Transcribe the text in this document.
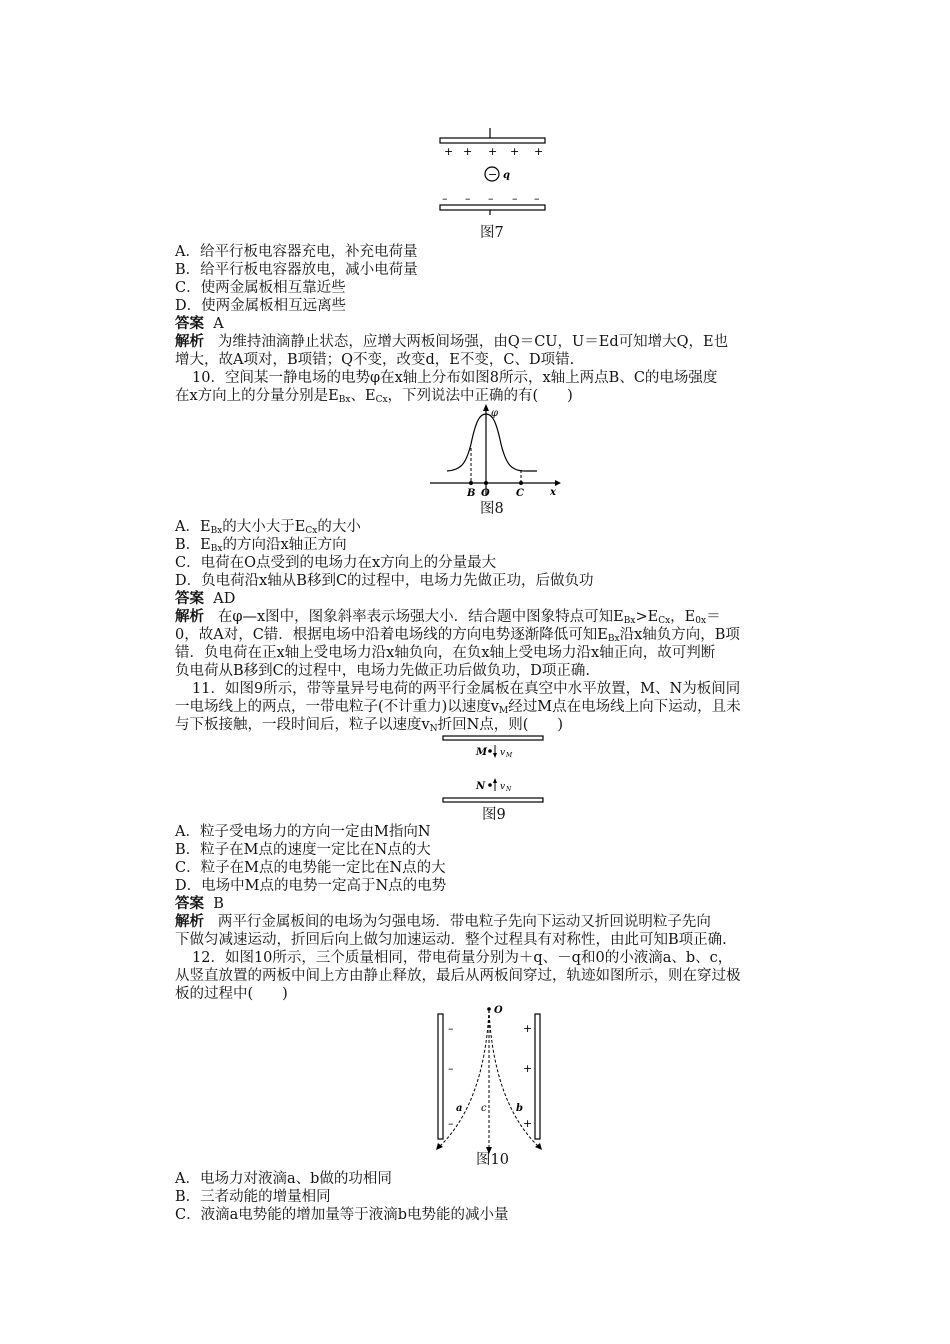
+ + + + +
− q
– – – – –
图7
A．给平行板电容器充电，补充电荷量
B．给平行板电容器放电，减小电荷量
C．使两金属板相互靠近些
D．使两金属板相互远离些
答案 A
解析 为维持油滴静止状态，应增大两板间场强，由Q＝CU，U＝Ed可知增大Q，E也
增大，故A项对，B项错；Q不变，改变d，E不变，C、D项错.
10．空间某一静电场的电势φ在x轴上分布如图8所示，x轴上两点B、C的电场强度
在x方向上的分量分别是$E_{Bx}$、$E_{Cx}$，下列说法中正确的有(　　)
φ
x
B O	C
图8
A．$E_{Bx}$的大小大于$E_{Cx}$的大小
B．$E_{Bx}$的方向沿x轴正方向
C．电荷在O点受到的电场力在x方向上的分量最大
D．负电荷沿x轴从B移到C的过程中，电场力先做正功，后做负功
答案 AD
解析 在φ—x图中，图象斜率表示场强大小．结合题中图象特点可知$E_{Bx}>E_{Cx}$，$E_{0x}=$
0，故A对，C错．根据电场中沿着电场线的方向电势逐渐降低可知$E_{Bx}$沿x轴负方向，B项
错．负电荷在正x轴上受电场力沿x轴负向，在负x轴上受电场力沿x轴正向，故可判断
负电荷从B移到C的过程中，电场力先做正功后做负功，D项正确.
11．如图9所示，带等量异号电荷的两平行金属板在真空中水平放置，M、N为板间同
一电场线上的两点，一带电粒子(不计重力)以速度$v_M$经过M点在电场线上向下运动，且未
与下板接触，一段时间后，粒子以速度$v_N$折回N点，则(　　)
M v M
N v N
图9
A．粒子受电场力的方向一定由M指向N
B．粒子在M点的速度一定比在N点的大
C．粒子在M点的电势能一定比在N点的大
D．电场中M点的电势一定高于N点的电势
答案 B
解析 两平行金属板间的电场为匀强电场．带电粒子先向下运动又折回说明粒子先向
下做匀减速运动，折回后向上做匀加速运动．整个过程具有对称性，由此可知B项正确.
12．如图10所示，三个质量相同，带电荷量分别为＋q、－q和0的小液滴a、b、c，
从竖直放置的两板中间上方由静止释放，最后从两板间穿过，轨迹如图所示，则在穿过极
板的过程中(　　)
–
–
–
+
+
+
O
a c	b
图10
A．电场力对液滴a、b做的功相同
B．三者动能的增量相同
C．液滴a电势能的增加量等于液滴b电势能的减小量
